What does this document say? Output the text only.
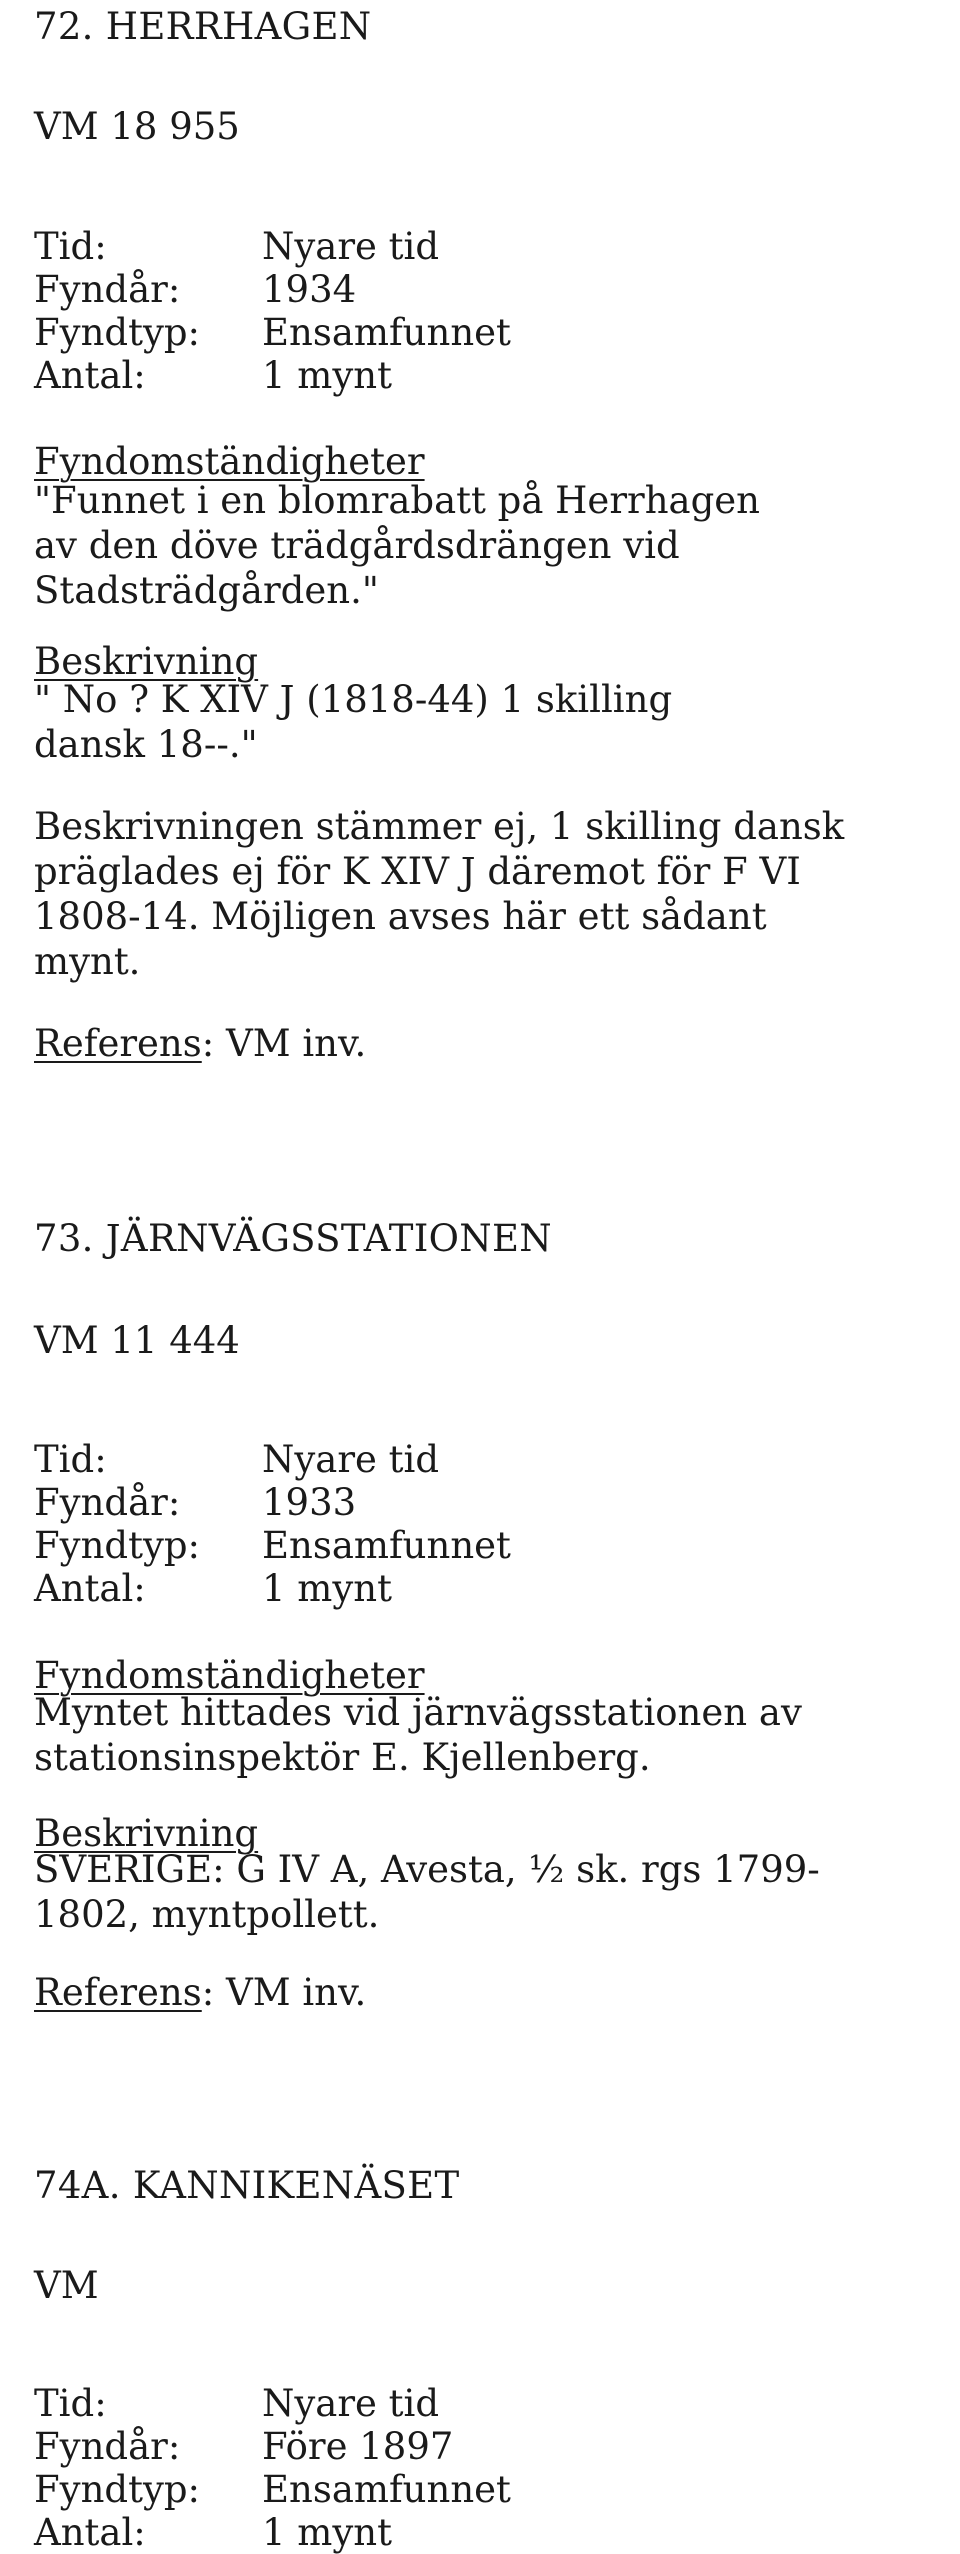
72. HERRHAGEN
VM 18 955
Tid:	Nyare tid
Fyndår: 1934
Fyndtyp: Ensamfunnet
Antal:	1 mynt
Fyndomständigheter
"Funnet i en blomrabatt på Herrhagen
av den döve trädgårdsdrängen vid
Stadsträdgården."
Beskrivning
" No ? K XIV J (1818-44) 1 skilling
dansk 18--."
Beskrivningen stämmer ej, 1 skilling dansk
präglades ej för K XIV J däremot för F VI
1808-14. Möjligen avses här ett sådant
mynt.
Referens: VM inv.
73. JÄRNVÄGSSTATIONEN
VM 11 444
Tid:	Nyare tid
Fyndår: 1933
Fyndtyp: Ensamfunnet
Antal:	1 mynt
Fyndomständigheter
Myntet hittades vid järnvägsstationen av
stationsinspektör E. Kjellenberg.
Beskrivning
SVERIGE: G IV A, Avesta, ½ sk. rgs 1799-
1802, myntpollett.
Referens: VM inv.
74A. KANNIKENÄSET
VM
Tid:	Nyare tid
Fyndår: Före 1897
Fyndtyp: Ensamfunnet
Antal:	1 mynt
